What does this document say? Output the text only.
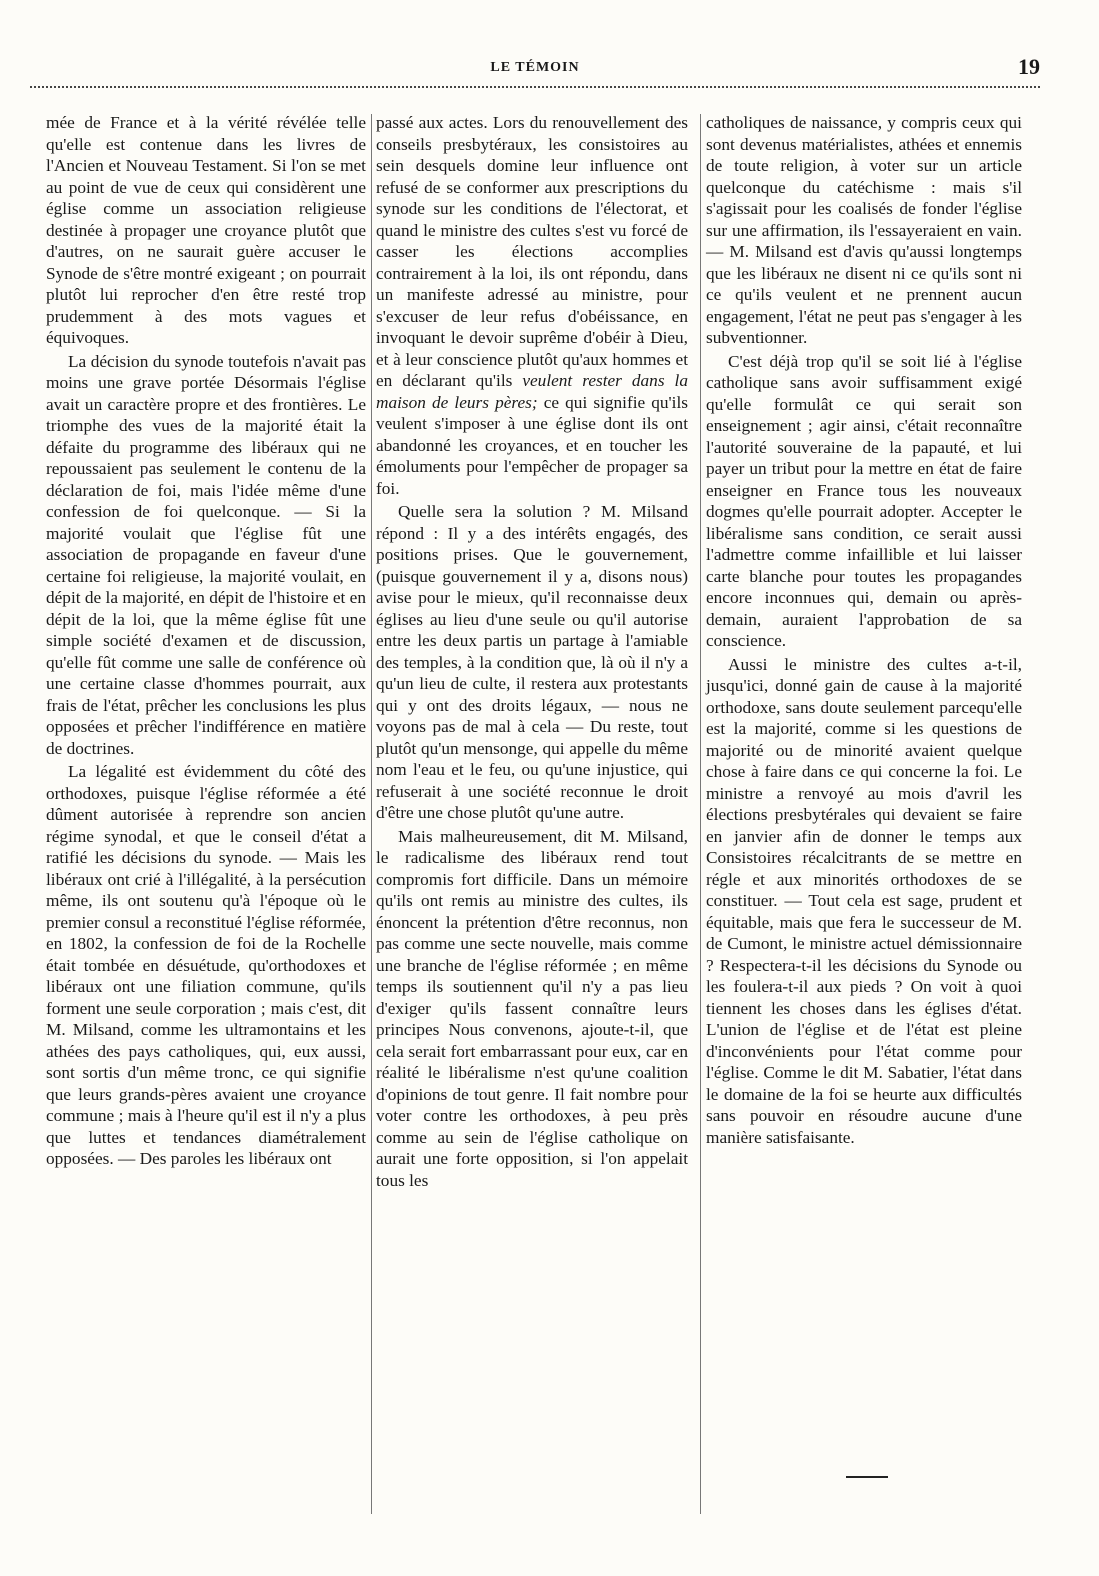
LE TÉMOIN	19

mée de France et à la vérité révélée telle qu'elle est contenue dans les livres de l'Ancien et Nouveau Testament. Si l'on se met au point de vue de ceux qui considèrent une église comme un association religieuse destinée à propager une croyance plutôt que d'autres, on ne saurait guère accuser le Synode de s'être montré exigeant ; on pourrait plutôt lui reprocher d'en être resté trop prudemment à des mots vagues et équivoques.

La décision du synode toutefois n'avait pas moins une grave portée Désormais l'église avait un caractère propre et des frontières. Le triomphe des vues de la majorité était la défaite du programme des libéraux qui ne repoussaient pas seulement le contenu de la déclaration de foi, mais l'idée même d'une confession de foi quelconque. — Si la majorité voulait que l'église fût une association de propagande en faveur d'une certaine foi religieuse, la majorité voulait, en dépit de la majorité, en dépit de l'histoire et en dépit de la loi, que la même église fût une simple société d'examen et de discussion, qu'elle fût comme une salle de conférence où une certaine classe d'hommes pourrait, aux frais de l'état, prêcher les conclusions les plus opposées et prêcher l'indifférence en matière de doctrines.

La légalité est évidemment du côté des orthodoxes, puisque l'église réformée a été dûment autorisée à reprendre son ancien régime synodal, et que le conseil d'état a ratifié les décisions du synode. — Mais les libéraux ont crié à l'illégalité, à la persécution même, ils ont soutenu qu'à l'époque où le premier consul a reconstitué l'église réformée, en 1802, la confession de foi de la Rochelle était tombée en désuétude, qu'orthodoxes et libéraux ont une filiation commune, qu'ils forment une seule corporation ; mais c'est, dit M. Milsand, comme les ultramontains et les athées des pays catholiques, qui, eux aussi, sont sortis d'un même tronc, ce qui signifie que leurs grands-pères avaient une croyance commune ; mais à l'heure qu'il est il n'y a plus que luttes et tendances diamétralement opposées. — Des paroles les libéraux ont

passé aux actes. Lors du renouvellement des conseils presbytéraux, les consistoires au sein desquels domine leur influence ont refusé de se conformer aux prescriptions du synode sur les conditions de l'électorat, et quand le ministre des cultes s'est vu forcé de casser les élections accomplies contrairement à la loi, ils ont répondu, dans un manifeste adressé au ministre, pour s'excuser de leur refus d'obéissance, en invoquant le devoir suprême d'obéir à Dieu, et à leur conscience plutôt qu'aux hommes et en déclarant qu'ils veulent rester dans la maison de leurs pères; ce qui signifie qu'ils veulent s'imposer à une église dont ils ont abandonné les croyances, et en toucher les émoluments pour l'empêcher de propager sa foi.

Quelle sera la solution ? M. Milsand répond : Il y a des intérêts engagés, des positions prises. Que le gouvernement, (puisque gouvernement il y a, disons nous) avise pour le mieux, qu'il reconnaisse deux églises au lieu d'une seule ou qu'il autorise entre les deux partis un partage à l'amiable des temples, à la condition que, là où il n'y a qu'un lieu de culte, il restera aux protestants qui y ont des droits légaux, — nous ne voyons pas de mal à cela — Du reste, tout plutôt qu'un mensonge, qui appelle du même nom l'eau et le feu, ou qu'une injustice, qui refuserait à une société reconnue le droit d'être une chose plutôt qu'une autre.

Mais malheureusement, dit M. Milsand, le radicalisme des libéraux rend tout compromis fort difficile. Dans un mémoire qu'ils ont remis au ministre des cultes, ils énoncent la prétention d'être reconnus, non pas comme une secte nouvelle, mais comme une branche de l'église réformée ; en même temps ils soutiennent qu'il n'y a pas lieu d'exiger qu'ils fassent connaître leurs principes Nous convenons, ajoute-t-il, que cela serait fort embarrassant pour eux, car en réalité le libéralisme n'est qu'une coalition d'opinions de tout genre. Il fait nombre pour voter contre les orthodoxes, à peu près comme au sein de l'église catholique on aurait une forte opposition, si l'on appelait tous les

catholiques de naissance, y compris ceux qui sont devenus matérialistes, athées et ennemis de toute religion, à voter sur un article quelconque du catéchisme : mais s'il s'agissait pour les coalisés de fonder l'église sur une affirmation, ils l'essayeraient en vain. — M. Milsand est d'avis qu'aussi longtemps que les libéraux ne disent ni ce qu'ils sont ni ce qu'ils veulent et ne prennent aucun engagement, l'état ne peut pas s'engager à les subventionner.

C'est déjà trop qu'il se soit lié à l'église catholique sans avoir suffisamment exigé qu'elle formulât ce qui serait son enseignement ; agir ainsi, c'était reconnaître l'autorité souveraine de la papauté, et lui payer un tribut pour la mettre en état de faire enseigner en France tous les nouveaux dogmes qu'elle pourrait adopter. Accepter le libéralisme sans condition, ce serait aussi l'admettre comme infaillible et lui laisser carte blanche pour toutes les propagandes encore inconnues qui, demain ou après-demain, auraient l'approbation de sa conscience.

Aussi le ministre des cultes a-t-il, jusqu'ici, donné gain de cause à la majorité orthodoxe, sans doute seulement parcequ'elle est la majorité, comme si les questions de majorité ou de minorité avaient quelque chose à faire dans ce qui concerne la foi. Le ministre a renvoyé au mois d'avril les élections presbytérales qui devaient se faire en janvier afin de donner le temps aux Consistoires récalcitrants de se mettre en régle et aux minorités orthodoxes de se constituer. — Tout cela est sage, prudent et équitable, mais que fera le successeur de M. de Cumont, le ministre actuel démissionnaire ? Respectera-t-il les décisions du Synode ou les foulera-t-il aux pieds ? On voit à quoi tiennent les choses dans les églises d'état. L'union de l'église et de l'état est pleine d'inconvénients pour l'état comme pour l'église. Comme le dit M. Sabatier, l'état dans le domaine de la foi se heurte aux difficultés sans pouvoir en résoudre aucune d'une manière satisfaisante.
